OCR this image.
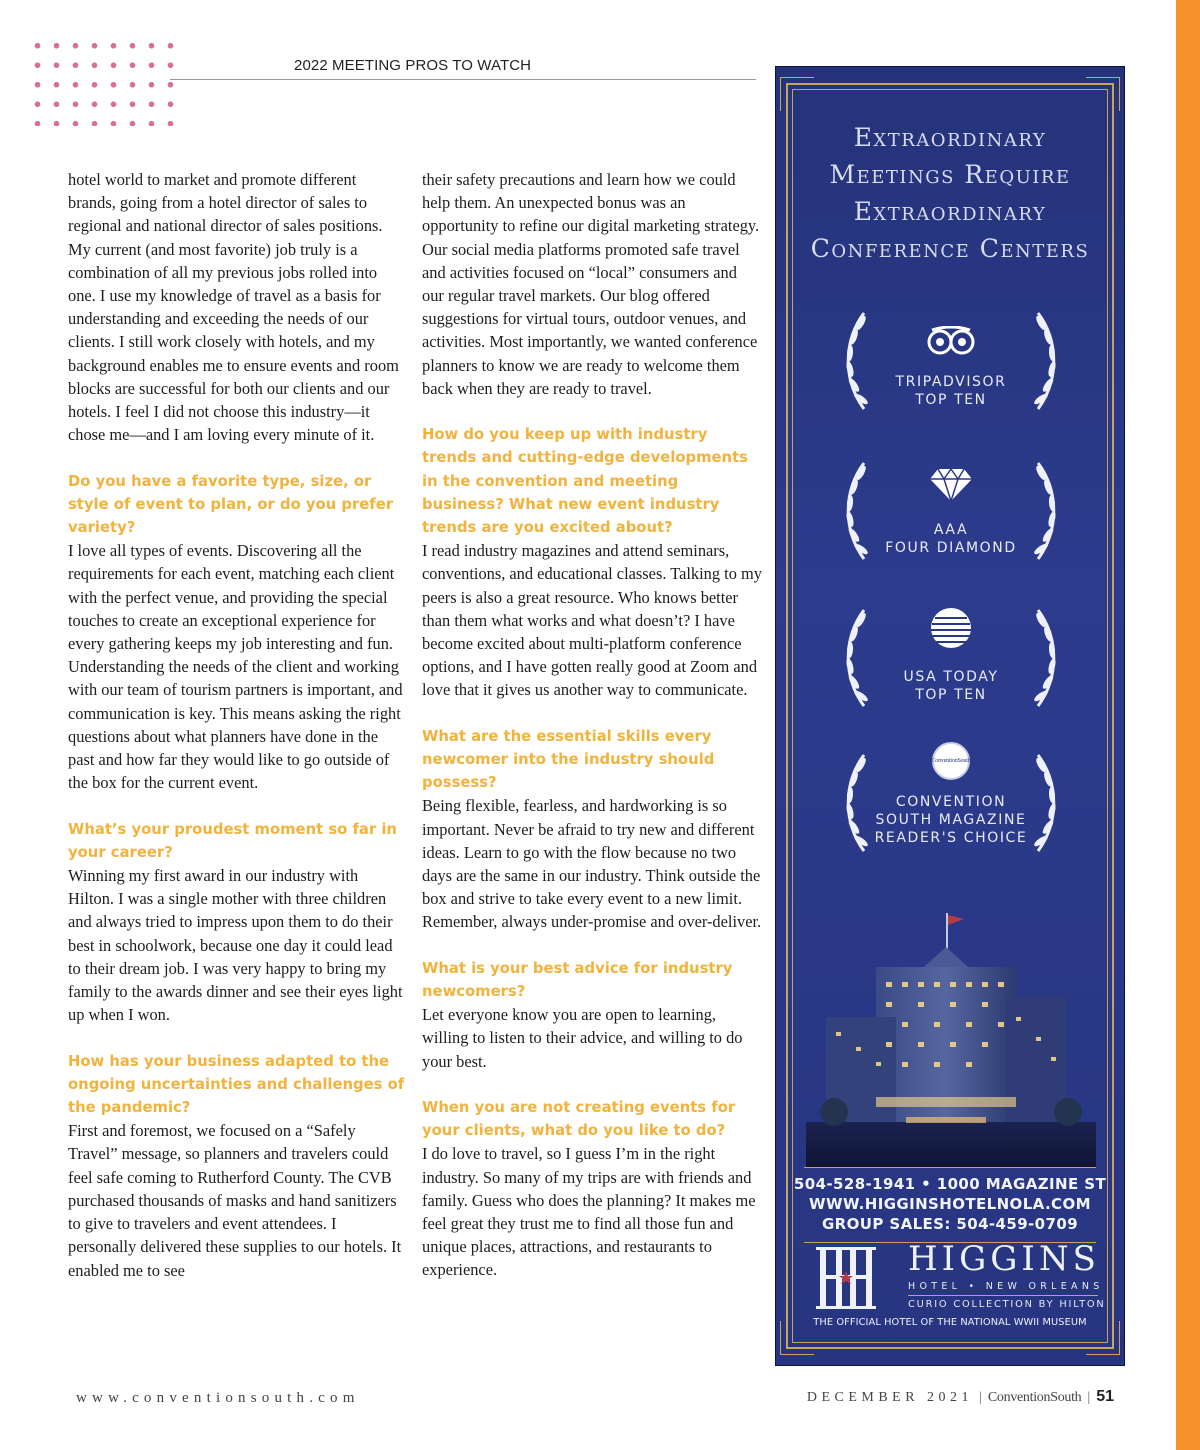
2022 MEETING PROS TO WATCH

hotel world to market and promote different brands, going from a hotel director of sales to regional and national director of sales positions. My current (and most favorite) job truly is a combination of all my previous jobs rolled into one. I use my knowledge of travel as a basis for understanding and exceeding the needs of our clients. I still work closely with hotels, and my background enables me to ensure events and room blocks are successful for both our clients and our hotels. I feel I did not choose this industry—it chose me—and I am loving every minute of it.

Do you have a favorite type, size, or style of event to plan, or do you prefer variety?

I love all types of events. Discovering all the requirements for each event, matching each client with the perfect venue, and providing the special touches to create an exceptional experience for every gathering keeps my job interesting and fun. Understanding the needs of the client and working with our team of tourism partners is important, and communication is key. This means asking the right questions about what planners have done in the past and how far they would like to go outside of the box for the current event.

What’s your proudest moment so far in your career?

Winning my first award in our industry with Hilton. I was a single mother with three children and always tried to impress upon them to do their best in schoolwork, because one day it could lead to their dream job. I was very happy to bring my family to the awards dinner and see their eyes light up when I won.

How has your business adapted to the ongoing uncertainties and challenges of the pandemic?

First and foremost, we focused on a “Safely Travel” message, so planners and travelers could feel safe coming to Rutherford County. The CVB purchased thousands of masks and hand sanitizers to give to travelers and event attendees. I personally delivered these supplies to our hotels. It enabled me to see

their safety precautions and learn how we could help them. An unexpected bonus was an opportunity to refine our digital marketing strategy. Our social media platforms promoted safe travel and activities focused on “local” consumers and our regular travel markets. Our blog offered suggestions for virtual tours, outdoor venues, and activities. Most importantly, we wanted conference planners to know we are ready to welcome them back when they are ready to travel.

How do you keep up with industry trends and cutting-edge developments in the convention and meeting business? What new event industry trends are you excited about?

I read industry magazines and attend seminars, conventions, and educational classes. Talking to my peers is also a great resource. Who knows better than them what works and what doesn’t? I have become excited about multi-platform conference options, and I have gotten really good at Zoom and love that it gives us another way to communicate.

What are the essential skills every newcomer into the industry should possess?

Being flexible, fearless, and hardworking is so important. Never be afraid to try new and different ideas. Learn to go with the flow because no two days are the same in our industry. Think outside the box and strive to take every event to a new limit. Remember, always under-promise and over-deliver.

What is your best advice for industry newcomers?

Let everyone know you are open to learning, willing to listen to their advice, and willing to do your best.

When you are not creating events for your clients, what do you like to do?

I do love to travel, so I guess I’m in the right industry. So many of my trips are with friends and family. Guess who does the planning? It makes me feel great they trust me to find all those fun and unique places, attractions, and restaurants to experience.

Extraordinary
Meetings Require
Extraordinary
Conference Centers
TRIPADVISOR
TOP TEN
AAA
FOUR DIAMOND
USA TODAY
TOP TEN
ConventionSouth
CONVENTION
SOUTH MAGAZINE
READER'S CHOICE
504-528-1941 • 1000 MAGAZINE ST
WWW.HIGGINSHOTELNOLA.COM
GROUP SALES: 504-459-0709
HIGGINS
HOTEL • NEW ORLEANS
CURIO COLLECTION BY HILTON
THE OFFICIAL HOTEL OF THE NATIONAL WWII MUSEUM
www.conventionsouth.com	DECEMBER 2021 | ConventionSouth | 51
